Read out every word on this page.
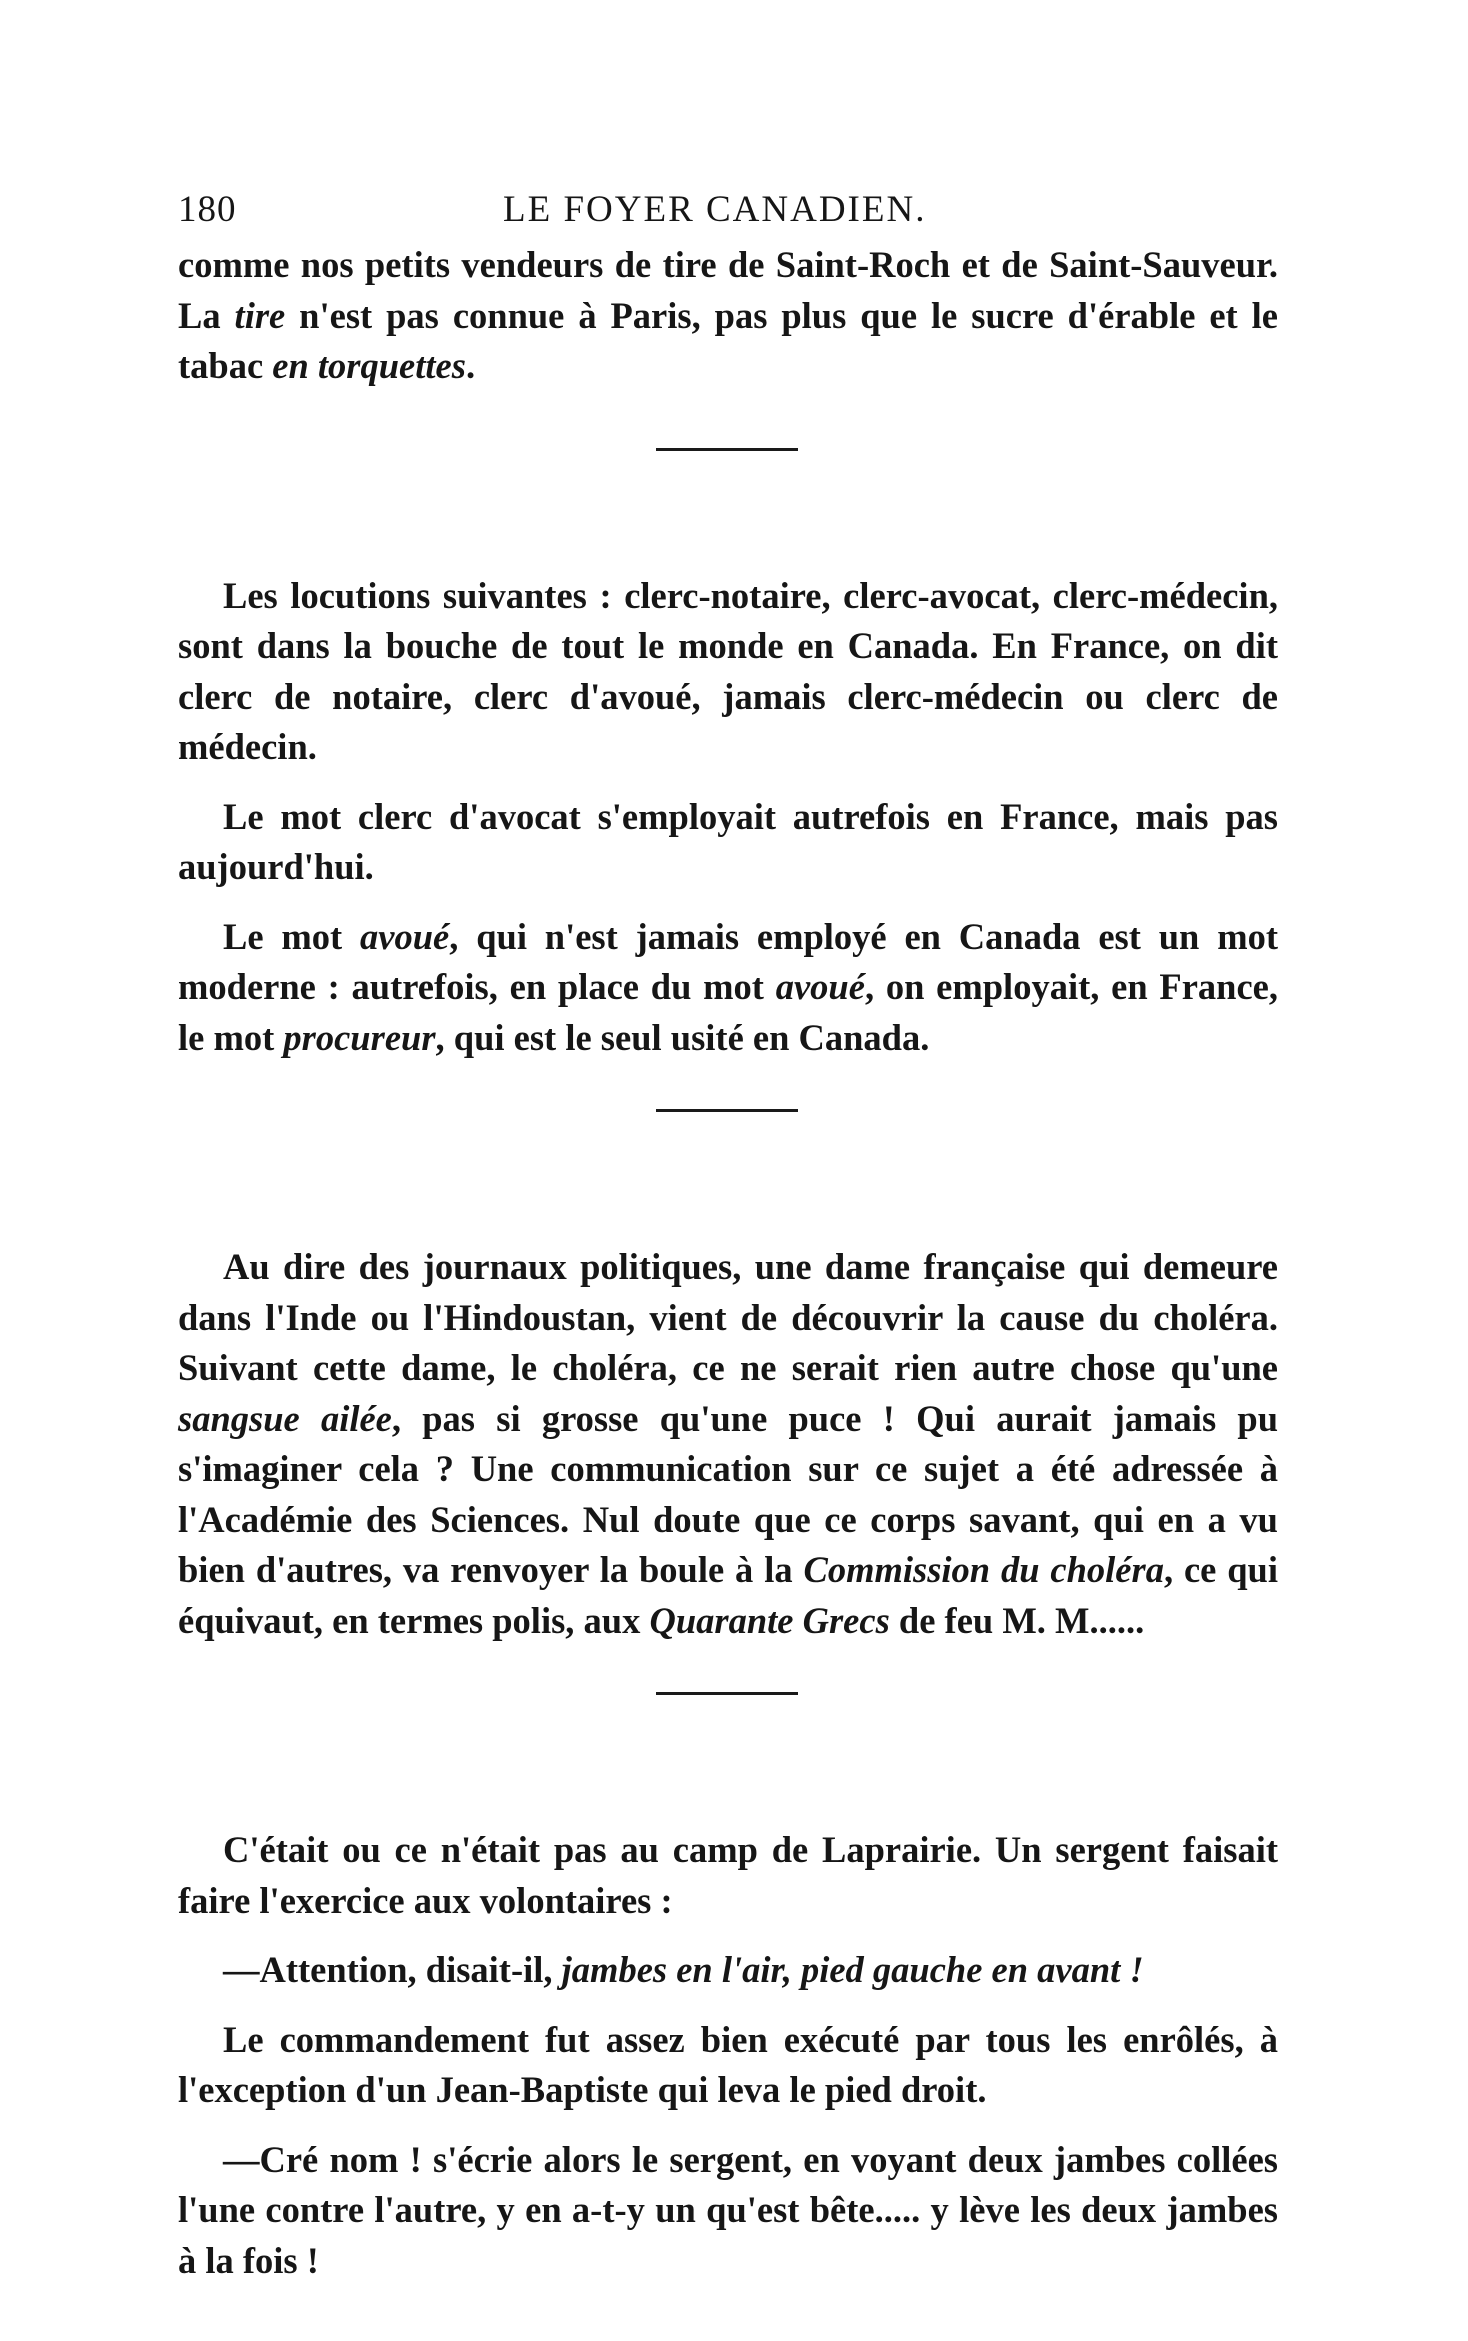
180	LE FOYER CANADIEN.

comme nos petits vendeurs de tire de Saint-Roch et de Saint-Sauveur. La tire n'est pas connue à Paris, pas plus que le sucre d'érable et le tabac en torquettes.

Les locutions suivantes : clerc-notaire, clerc-avocat, clerc-médecin, sont dans la bouche de tout le monde en Canada. En France, on dit clerc de notaire, clerc d'avoué, jamais clerc-médecin ou clerc de médecin.

Le mot clerc d'avocat s'employait autrefois en France, mais pas aujourd'hui.

Le mot avoué, qui n'est jamais employé en Canada est un mot moderne : autrefois, en place du mot avoué, on employait, en France, le mot procureur, qui est le seul usité en Canada.

Au dire des journaux politiques, une dame française qui demeure dans l'Inde ou l'Hindoustan, vient de découvrir la cause du choléra. Suivant cette dame, le choléra, ce ne serait rien autre chose qu'une sangsue ailée, pas si grosse qu'une puce ! Qui aurait jamais pu s'imaginer cela ? Une communication sur ce sujet a été adressée à l'Académie des Sciences. Nul doute que ce corps savant, qui en a vu bien d'autres, va renvoyer la boule à la Commission du choléra, ce qui équivaut, en termes polis, aux Quarante Grecs de feu M. M......

C'était ou ce n'était pas au camp de Laprairie. Un sergent faisait faire l'exercice aux volontaires :

—Attention, disait-il, jambes en l'air, pied gauche en avant !

Le commandement fut assez bien exécuté par tous les enrôlés, à l'exception d'un Jean-Baptiste qui leva le pied droit.

—Cré nom ! s'écrie alors le sergent, en voyant deux jambes collées l'une contre l'autre, y en a-t-y un qu'est bête..... y lève les deux jambes à la fois !
